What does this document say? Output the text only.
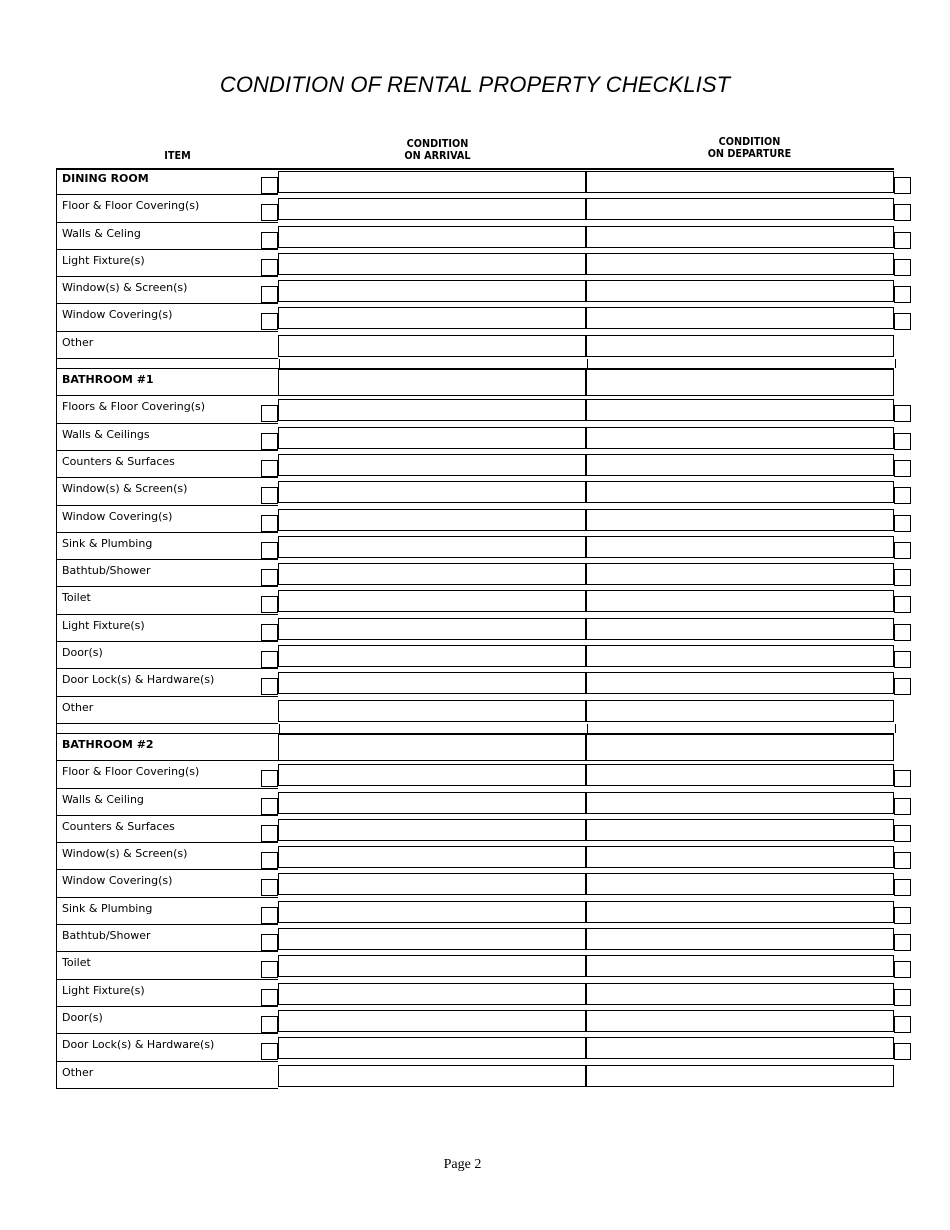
CONDITION OF RENTAL PROPERTY CHECKLIST
ITEM
CONDITION
ON ARRIVAL
CONDITION
ON DEPARTURE
DINING ROOM
Floor & Floor Covering(s)
Walls & Celing
Light Fixture(s)
Window(s) & Screen(s)
Window Covering(s)
Other
BATHROOM #1
Floors & Floor Covering(s)
Walls & Ceilings
Counters & Surfaces
Window(s) & Screen(s)
Window Covering(s)
Sink & Plumbing
Bathtub/Shower
Toilet
Light Fixture(s)
Door(s)
Door Lock(s) & Hardware(s)
Other
BATHROOM #2
Floor & Floor Covering(s)
Walls & Ceiling
Counters & Surfaces
Window(s) & Screen(s)
Window Covering(s)
Sink & Plumbing
Bathtub/Shower
Toilet
Light Fixture(s)
Door(s)
Door Lock(s) & Hardware(s)
Other
Page 2
